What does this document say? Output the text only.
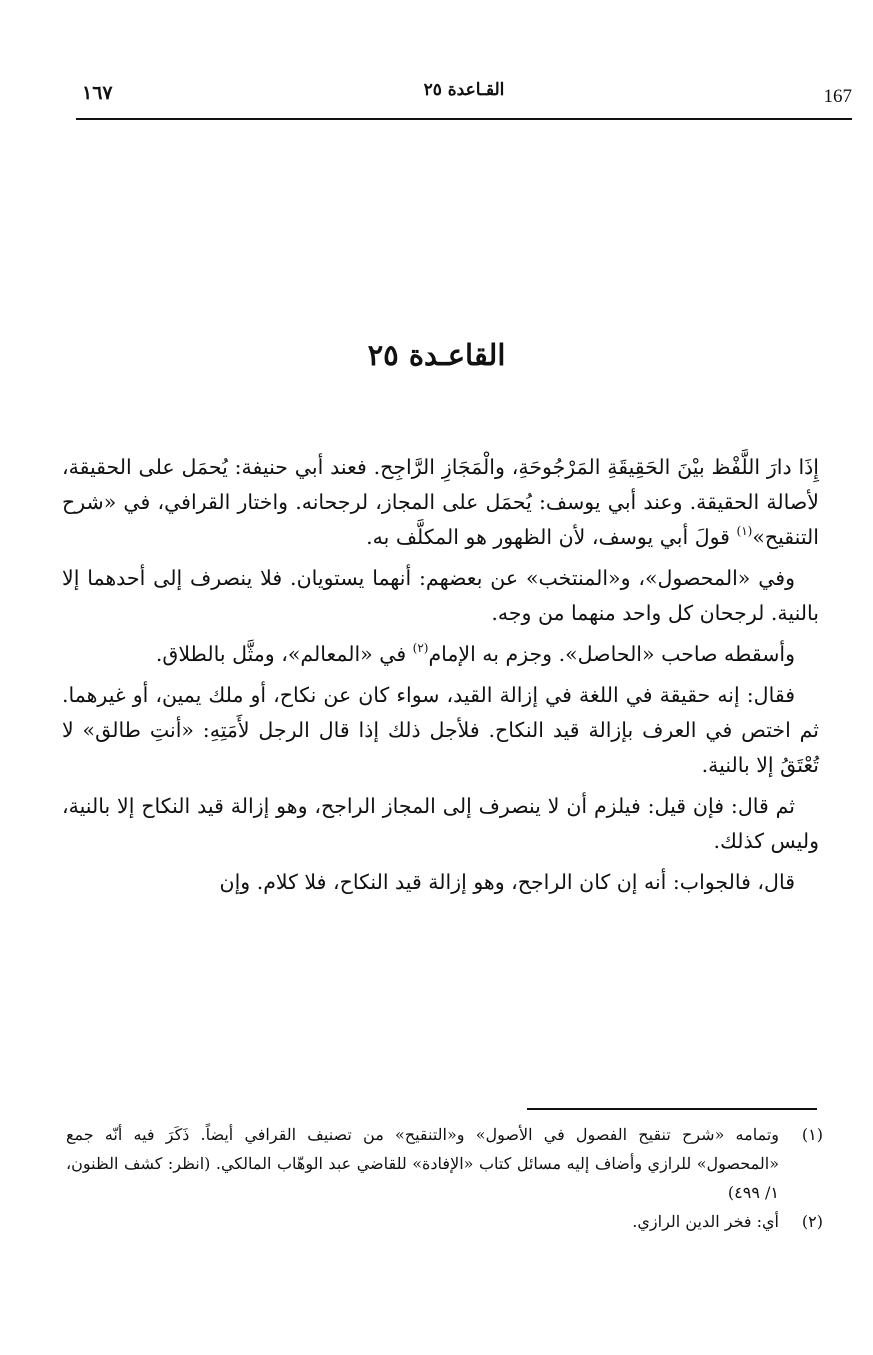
167
القـاعدة ٢٥
١٦٧
القاعـدة ٢٥

إِذَا دارَ اللَّفْظ بيْنَ الحَقِيقَةِ المَرْجُوحَةِ، والْمَجَازِ الرَّاجِح. فعند أبي حنيفة: يُحمَل على الحقيقة، لأصالة الحقيقة. وعند أبي يوسف: يُحمَل على المجاز، لرجحانه. واختار القرافي، في «شرح التنقيح»$^{(١)}$ قولَ أبي يوسف، لأن الظهور هو المكلَّف به.

وفي «المحصول»، و«المنتخب» عن بعضهم: أنهما يستويان. فلا ينصرف إلى أحدهما إلا بالنية. لرجحان كل واحد منهما من وجه.

وأسقطه صاحب «الحاصل». وجزم به الإمام$^{(٢)}$ في «المعالم»، ومثَّل بالطلاق.

فقال: إنه حقيقة في اللغة في إزالة القيد، سواء كان عن نكاح، أو ملك يمين، أو غيرهما. ثم اختص في العرف بإزالة قيد النكاح. فلأجل ذلك إذا قال الرجل لأَمَتِهِ: «أنتِ طالق» لا تُعْتَقُ إلا بالنية.

ثم قال: فإن قيل: فيلزم أن لا ينصرف إلى المجاز الراجح، وهو إزالة قيد النكاح إلا بالنية، وليس كذلك.

قال، فالجواب: أنه إن كان الراجح، وهو إزالة قيد النكاح، فلا كلام. وإن

(١)
وتمامه «شرح تنقيح الفصول في الأصول» و«التنقيح» من تصنيف القرافي أيضاً. ذَكَرَ فيه أنّه جمع «المحصول» للرازي وأضاف إليه مسائل كتاب «الإفادة» للقاضي عبد الوهّاب المالكي. (انظر: كشف الظنون، ١/ ٤٩٩)
(٢)
أي: فخر الدين الرازي.
